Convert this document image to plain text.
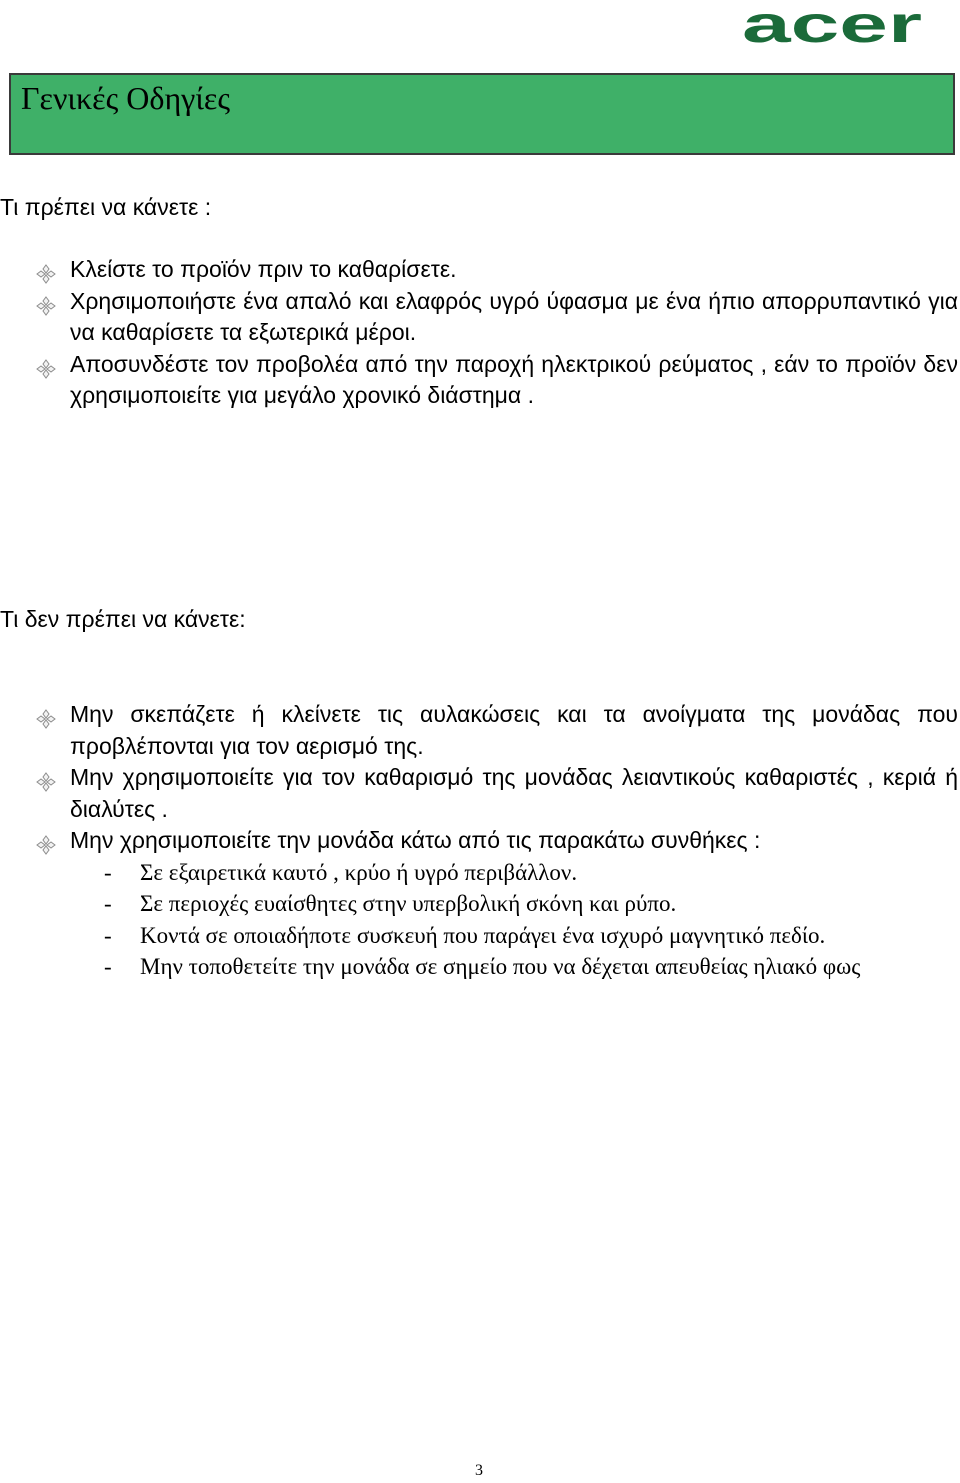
acer
Γενικές Οδηγίες
Τι πρέπει να κάνετε :
Κλείστε το προϊόν πριν το καθαρίσετε.
Χρησιμοποιήστε ένα απαλό και ελαφρός υγρό ύφασμα με ένα ήπιο απορρυπαντικό για να καθαρίσετε τα εξωτερικά μέροι.
Αποσυνδέστε τον προβολέα από την παροχή ηλεκτρικού ρεύματος , εάν το προϊόν δεν χρησιμοποιείτε για μεγάλο χρονικό διάστημα .
Τι δεν πρέπει να κάνετε:
Μην σκεπάζετε ή κλείνετε τις αυλακώσεις και τα ανοίγματα της μονάδας που προβλέπονται για τον αερισμό της.
Μην χρησιμοποιείτε για τον καθαρισμό της μονάδας λειαντικούς καθαριστές , κεριά ή διαλύτες .
Μην χρησιμοποιείτε την μονάδα κάτω από τις παρακάτω συνθήκες :
- Σε εξαιρετικά καυτό , κρύο ή υγρό περιβάλλον.
- Σε περιοχές ευαίσθητες στην υπερβολική σκόνη και ρύπο.
- Κοντά σε οποιαδήποτε συσκευή που παράγει ένα ισχυρό μαγνητικό πεδίο.
- Μην τοποθετείτε την μονάδα σε σημείο που να δέχεται απευθείας ηλιακό φως
3
